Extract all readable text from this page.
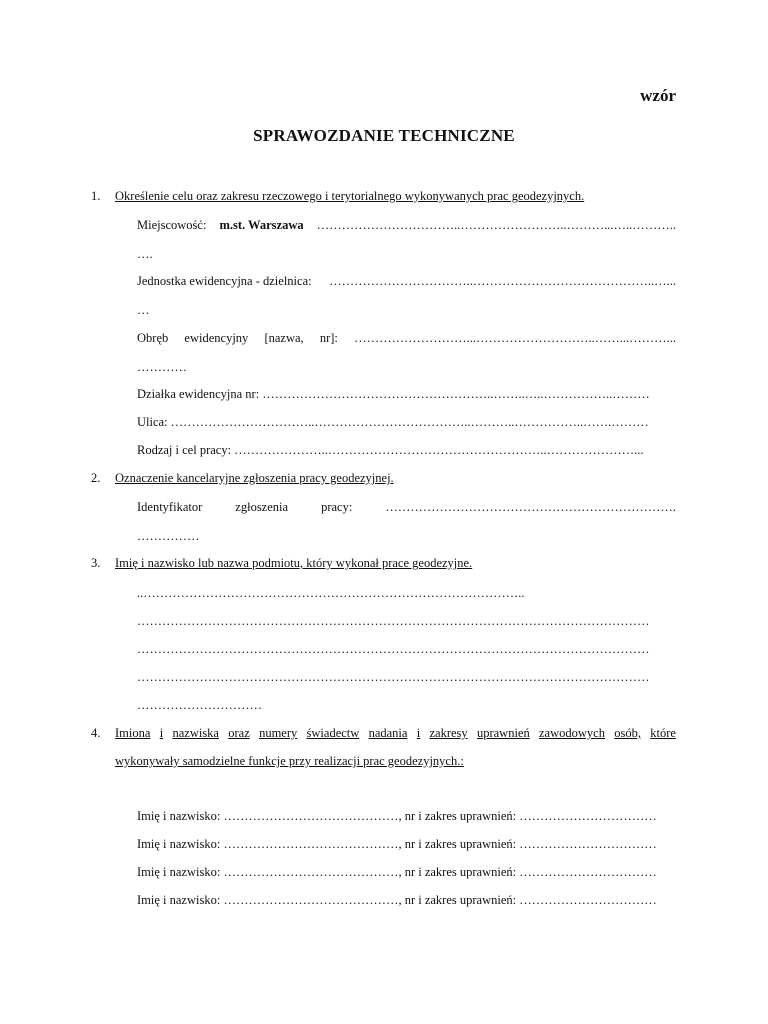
wzór
SPRAWOZDANIE TECHNICZNE
1. Określenie celu oraz zakresu rzeczowego i terytorialnego wykonywanych prac geodezyjnych.
Miejscowość: m.st. Warszawa ……………………………..……………………..………...…..………..
….
Jednostka ewidencyjna - dzielnica: ……………………………..……………………………………..…...
…
Obręb ewidencyjny [nazwa, nr]: ………………………...………………………..……...………...
…………
Działka ewidencyjna nr: ………………………………………………..……..…..……………..………
Ulica: ……………………………..………………………………..………..……………..…….………
Rodzaj i cel pracy: …………………..……………………………………………..…………………...
2. Oznaczenie kancelaryjne zgłoszenia pracy geodezyjnej.
Identyfikator	zgłoszenia	pracy:	…………………………………………………………….
……………
3. Imię i nazwisko lub nazwa podmiotu, który wykonał prace geodezyjne.
..………………………………………………………………………………..
……………………………………………………………………………………………………………
……………………………………………………………………………………………………………
……………………………………………………………………………………………………………
…………………………
4. Imiona i nazwiska oraz numery świadectw nadania i zakresy uprawnień zawodowych osób, które
wykonywały samodzielne funkcje przy realizacji prac geodezyjnych.:
Imię i nazwisko: ……………………………………, nr i zakres uprawnień: ……………………………
Imię i nazwisko: ……………………………………, nr i zakres uprawnień: ……………………………
Imię i nazwisko: ……………………………………, nr i zakres uprawnień: ……………………………
Imię i nazwisko: ……………………………………, nr i zakres uprawnień: ……………………………
